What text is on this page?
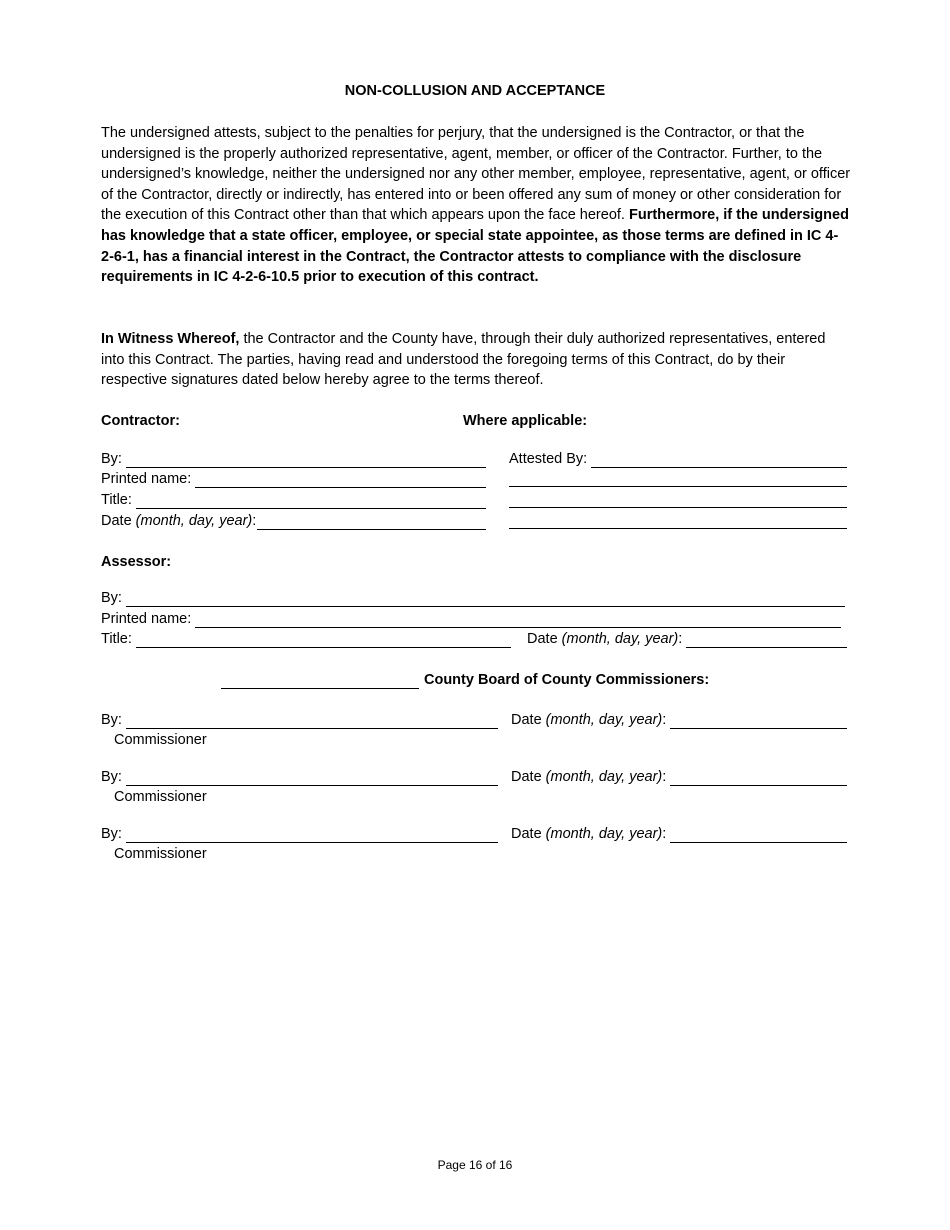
NON-COLLUSION AND ACCEPTANCE

The undersigned attests, subject to the penalties for perjury, that the undersigned is the Contractor, or that the undersigned is the properly authorized representative, agent, member, or officer of the Contractor. Further, to the undersigned’s knowledge, neither the undersigned nor any other member, employee, representative, agent, or officer of the Contractor, directly or indirectly, has entered into or been offered any sum of money or other consideration for the execution of this Contract other than that which appears upon the face hereof. Furthermore, if the undersigned has knowledge that a state officer, employee, or special state appointee, as those terms are defined in IC 4-2-6-1, has a financial interest in the Contract, the Contractor attests to compliance with the disclosure requirements in IC 4-2-6-10.5 prior to execution of this contract.

In Witness Whereof, the Contractor and the County have, through their duly authorized representatives, entered into this Contract. The parties, having read and understood the foregoing terms of this Contract, do by their respective signatures dated below hereby agree to the terms thereof.

Contractor:	Where applicable:
By:
Printed name:
Title:
Date (month, day, year):
Attested By:
Assessor:
By:
Printed name:
Title:	Date (month, day, year):
County Board of County Commissioners:
By:	Date (month, day, year):
Commissioner
By:	Date (month, day, year):
Commissioner
By:	Date (month, day, year):
Commissioner
Page 16 of 16
